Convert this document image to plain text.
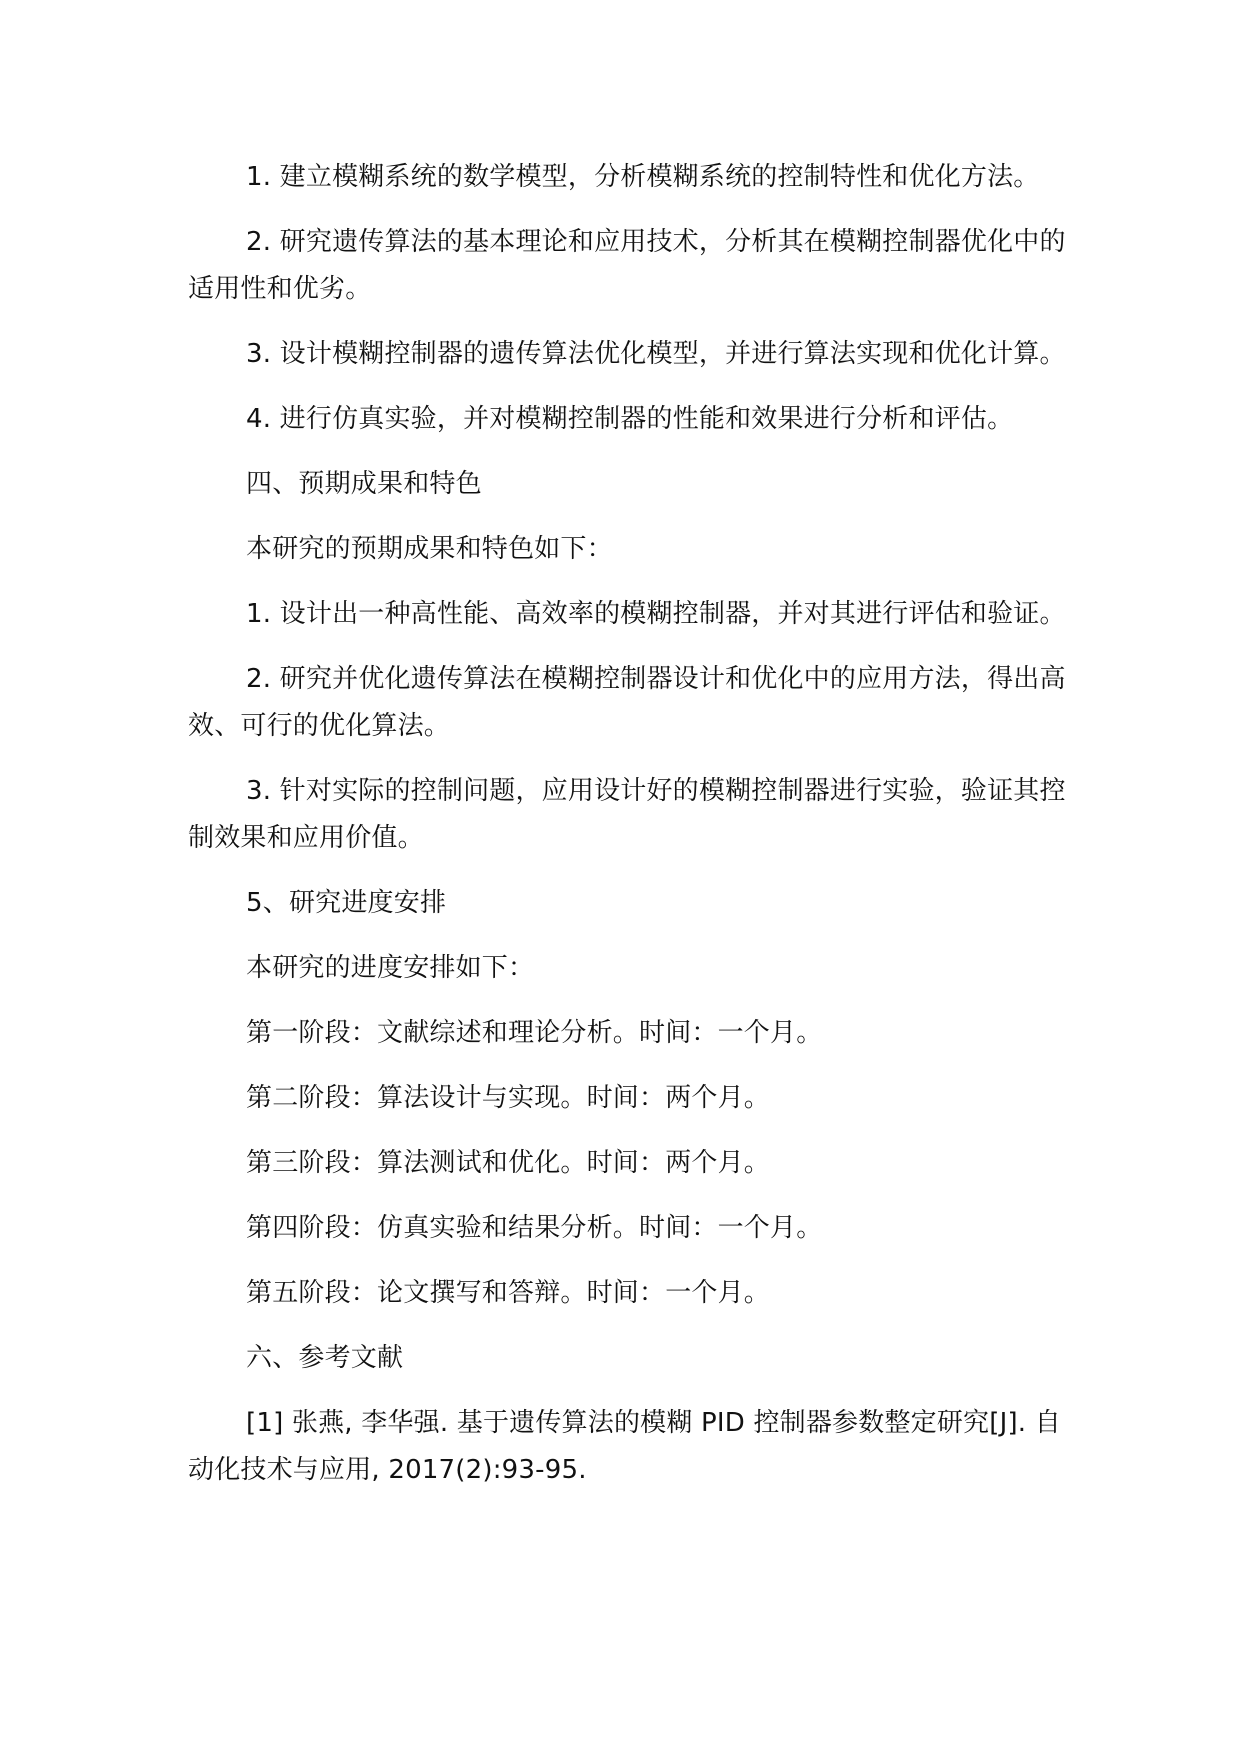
1. 建立模糊系统的数学模型，分析模糊系统的控制特性和优化方法。

2. 研究遗传算法的基本理论和应用技术，分析其在模糊控制器优化中的适用性和优劣。

3. 设计模糊控制器的遗传算法优化模型，并进行算法实现和优化计算。

4. 进行仿真实验，并对模糊控制器的性能和效果进行分析和评估。

四、预期成果和特色

本研究的预期成果和特色如下：

1. 设计出一种高性能、高效率的模糊控制器，并对其进行评估和验证。

2. 研究并优化遗传算法在模糊控制器设计和优化中的应用方法，得出高效、可行的优化算法。

3. 针对实际的控制问题，应用设计好的模糊控制器进行实验，验证其控制效果和应用价值。

5、研究进度安排

本研究的进度安排如下：

第一阶段：文献综述和理论分析。时间：一个月。

第二阶段：算法设计与实现。时间：两个月。

第三阶段：算法测试和优化。时间：两个月。

第四阶段：仿真实验和结果分析。时间：一个月。

第五阶段：论文撰写和答辩。时间：一个月。

六、参考文献

[1] 张燕, 李华强. 基于遗传算法的模糊 PID 控制器参数整定研究[J]. 自动化技术与应用, 2017(2):93-95.
